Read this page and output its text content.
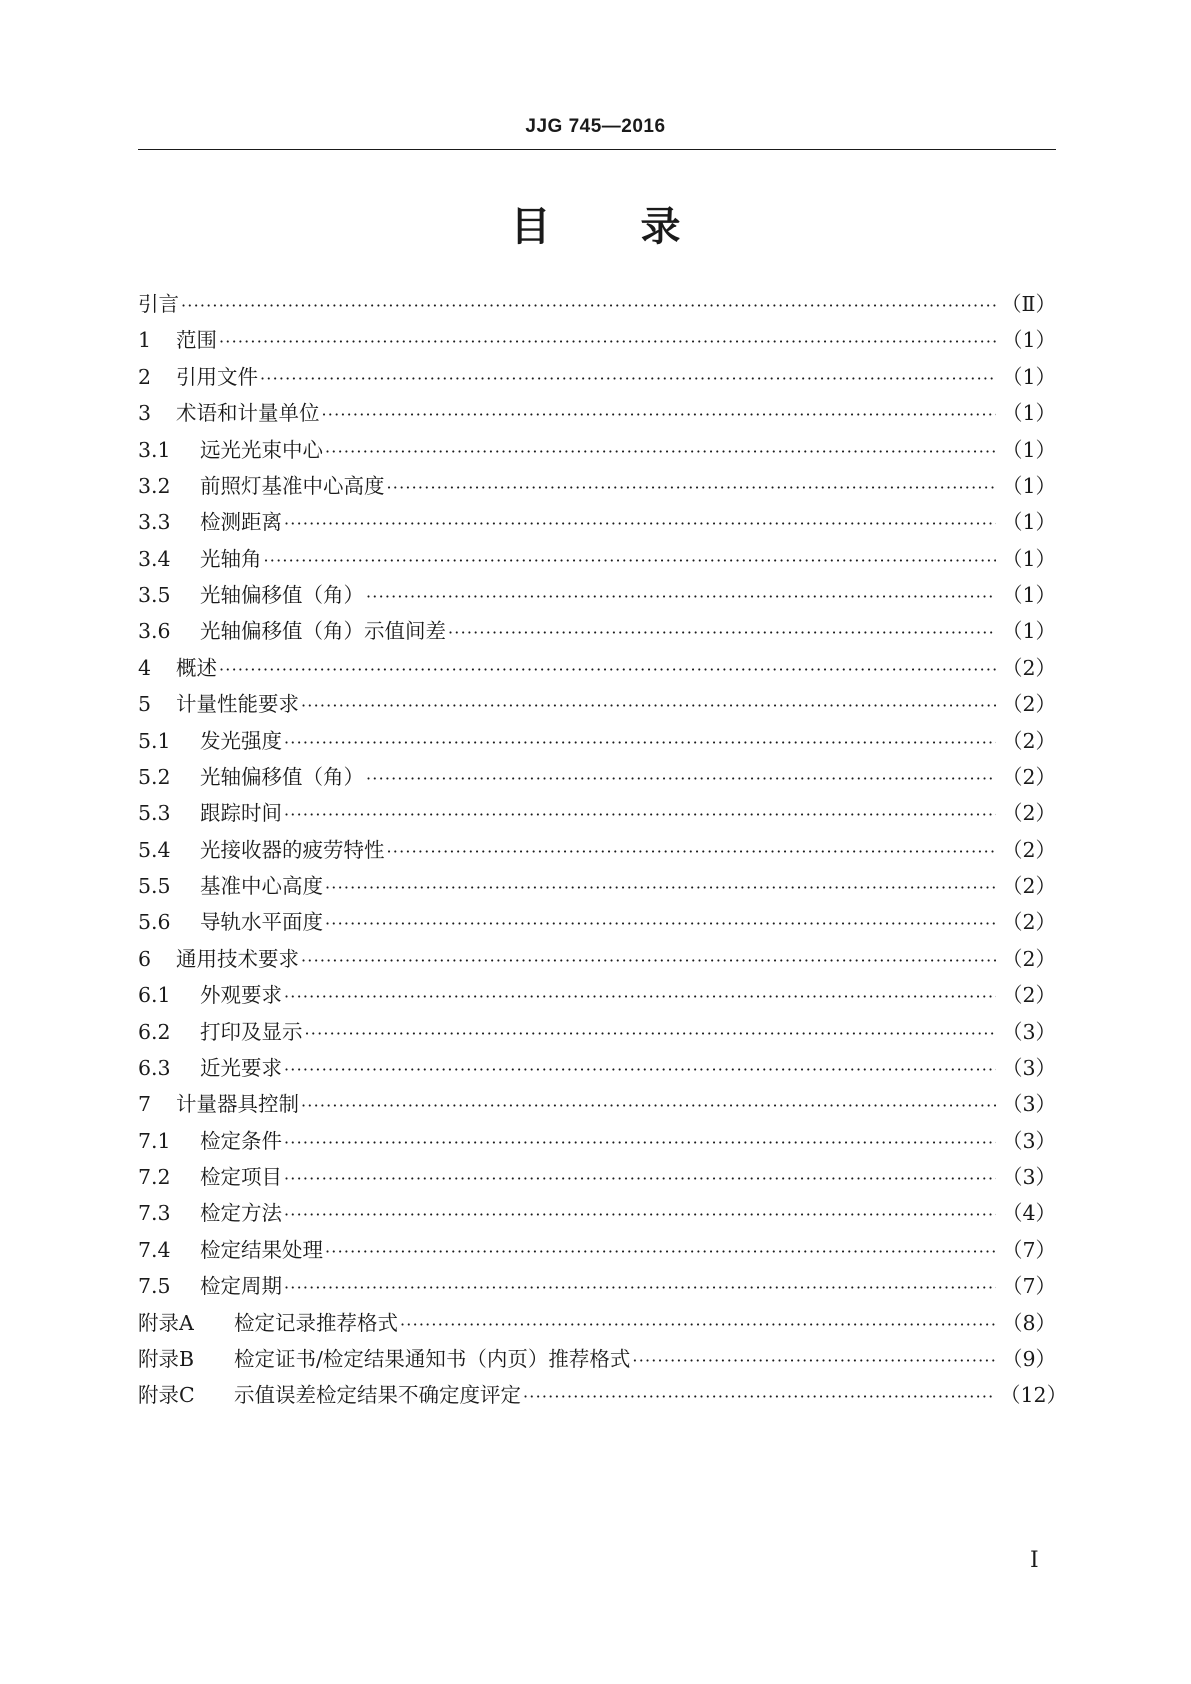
JJG 745—2016
目 录
引言 ·····	（Ⅱ）
1	范围 ·····	（1）
2	引用文件 ·····	（1）
3	术语和计量单位 ·····	（1）
3.1	远光光束中心 ·····	（1）
3.2	前照灯基准中心高度 ·····	（1）
3.3	检测距离 ·····	（1）
3.4	光轴角 ·····	（1）
3.5	光轴偏移值（角） ·····	（1）
3.6	光轴偏移值（角）示值间差 ·····	（1）
4	概述 ·····	（2）
5	计量性能要求 ·····	（2）
5.1	发光强度 ·····	（2）
5.2	光轴偏移值（角） ·····	（2）
5.3	跟踪时间 ·····	（2）
5.4	光接收器的疲劳特性 ·····	（2）
5.5	基准中心高度 ·····	（2）
5.6	导轨水平面度 ·····	（2）
6	通用技术要求 ·····	（2）
6.1	外观要求 ·····	（2）
6.2	打印及显示 ·····	（3）
6.3	近光要求 ·····	（3）
7	计量器具控制 ·····	（3）
7.1	检定条件 ·····	（3）
7.2	检定项目 ·····	（3）
7.3	检定方法 ·····	（4）
7.4	检定结果处理 ·····	（7）
7.5	检定周期 ·····	（7）
附录A	检定记录推荐格式 ·····	（8）
附录B	检定证书/检定结果通知书（内页）推荐格式 ·····	（9）
附录C	示值误差检定结果不确定度评定 ·····	（12）
Ⅰ
